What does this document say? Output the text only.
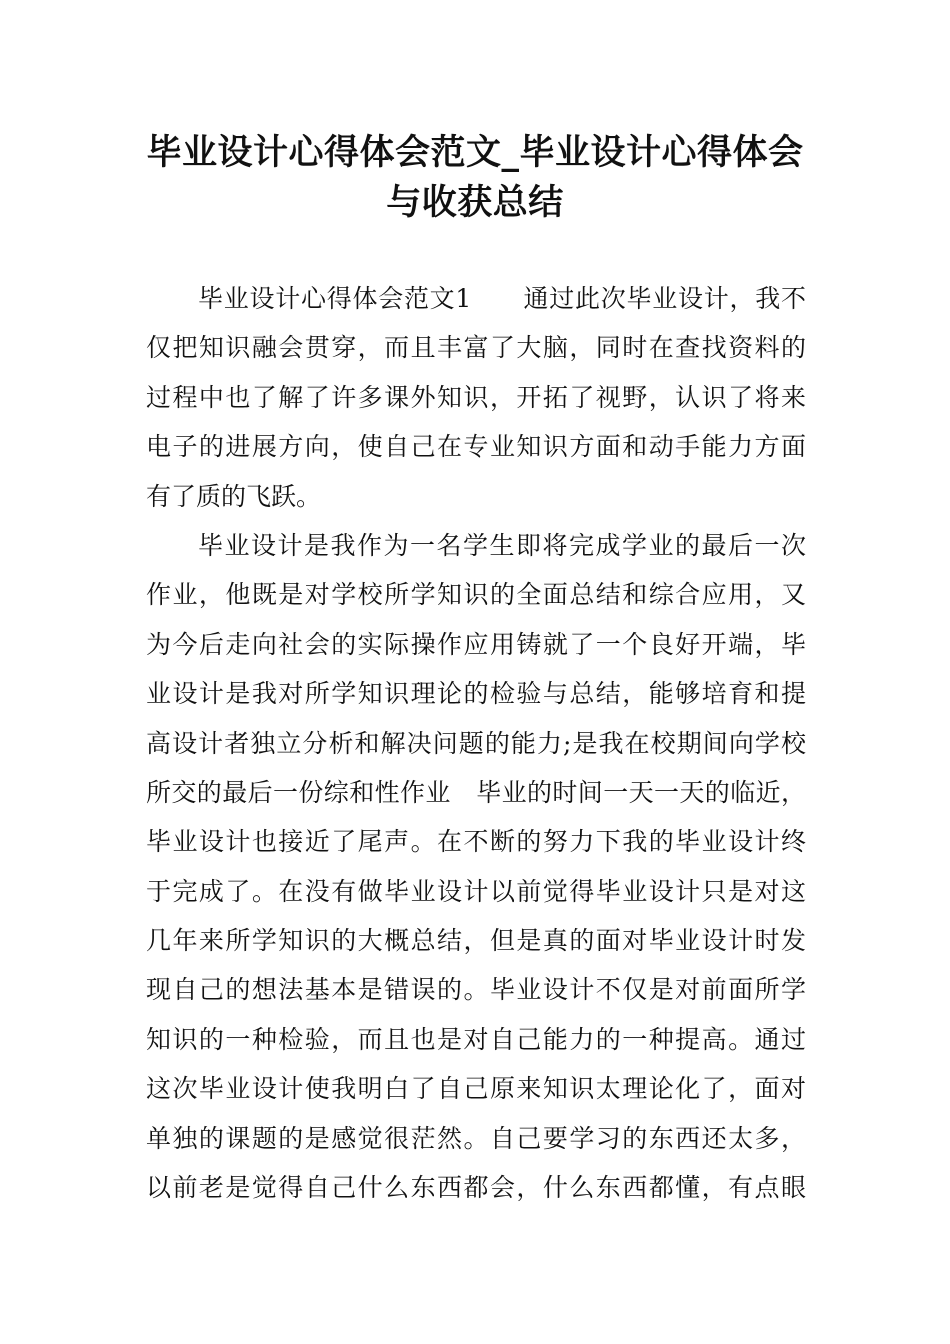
毕业设计心得体会范文_毕业设计心得体会
与收获总结
毕业设计心得体会范文1　　通过此次毕业设计，我不
仅把知识融会贯穿，而且丰富了大脑，同时在查找资料的
过程中也了解了许多课外知识，开拓了视野，认识了将来
电子的进展方向，使自己在专业知识方面和动手能力方面
有了质的飞跃。
毕业设计是我作为一名学生即将完成学业的最后一次
作业，他既是对学校所学知识的全面总结和综合应用，又
为今后走向社会的实际操作应用铸就了一个良好开端，毕
业设计是我对所学知识理论的检验与总结，能够培育和提
高设计者独立分析和解决问题的能力;是我在校期间向学校
所交的最后一份综和性作业　毕业的时间一天一天的临近，
毕业设计也接近了尾声。在不断的努力下我的毕业设计终
于完成了。在没有做毕业设计以前觉得毕业设计只是对这
几年来所学知识的大概总结，但是真的面对毕业设计时发
现自己的想法基本是错误的。毕业设计不仅是对前面所学
知识的一种检验，而且也是对自己能力的一种提高。通过
这次毕业设计使我明白了自己原来知识太理论化了，面对
单独的课题的是感觉很茫然。自己要学习的东西还太多，
以前老是觉得自己什么东西都会，什么东西都懂，有点眼
